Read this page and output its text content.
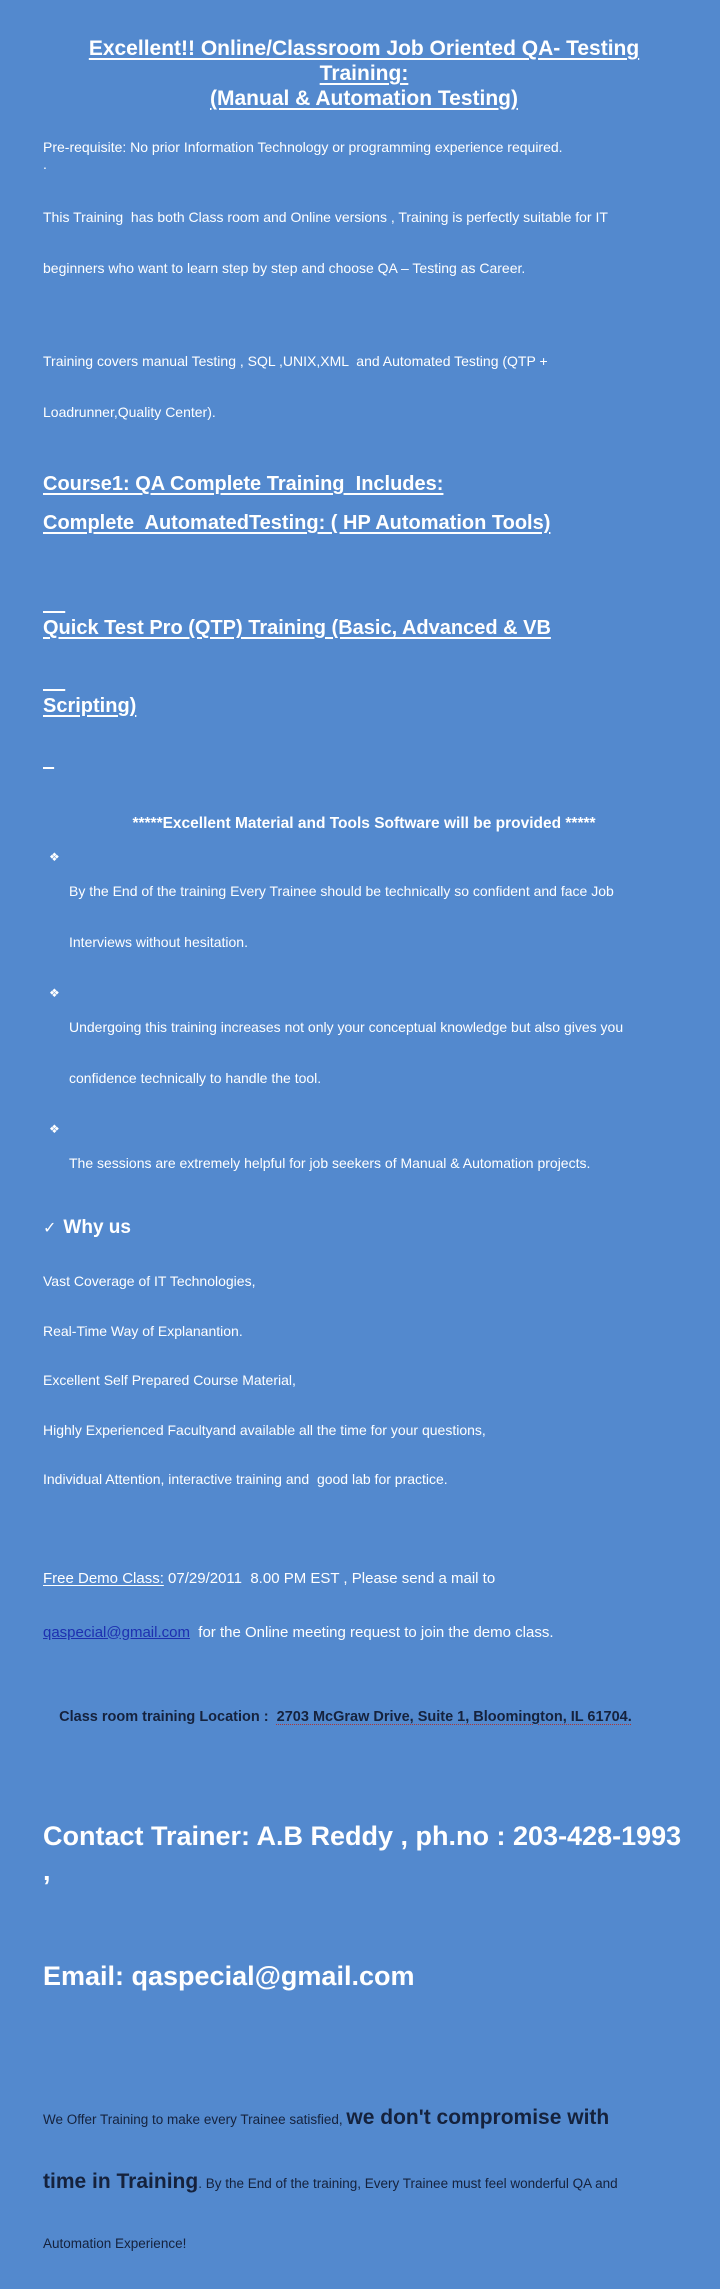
Excellent!! Online/Classroom Job Oriented QA- Testing
Training:
(Manual & Automation Testing)
Pre-requisite: No prior Information Technology or programming experience required.
.

This Training  has both Class room and Online versions , Training is perfectly suitable for IT

beginners who want to learn step by step and choose QA – Testing as Career.

Training covers manual Testing , SQL ,UNIX,XML  and Automated Testing (QTP +

Loadrunner,Quality Center).

Course1: QA Complete Training  Includes:
Complete  AutomatedTesting: ( HP Automation Tools)

Quick Test Pro (QTP) Training (Basic, Advanced & VB

Scripting)

*****Excellent Material and Tools Software will be provided *****
❖

By the End of the training Every Trainee should be technically so confident and face Job

Interviews without hesitation.

❖

Undergoing this training increases not only your conceptual knowledge but also gives you

confidence technically to handle the tool.

❖

The sessions are extremely helpful for job seekers of Manual & Automation projects.

✓ Why us

Vast Coverage of IT Technologies,

Real-Time Way of Explanantion.

Excellent Self Prepared Course Material,

Highly Experienced Facultyand available all the time for your questions,

Individual Attention, interactive training and  good lab for practice.

Free Demo Class: 07/29/2011  8.00 PM EST , Please send a mail to

qaspecial@gmail.com  for the Online meeting request to join the demo class.

Class room training Location :  2703 McGraw Drive, Suite 1, Bloomington, IL 61704.

Contact Trainer: A.B Reddy , ph.no : 203-428-1993 ,

Email: qaspecial@gmail.com

We Offer Training to make every Trainee satisfied, we don't compromise with

time in Training. By the End of the training, Every Trainee must feel wonderful QA and

Automation Experience!
